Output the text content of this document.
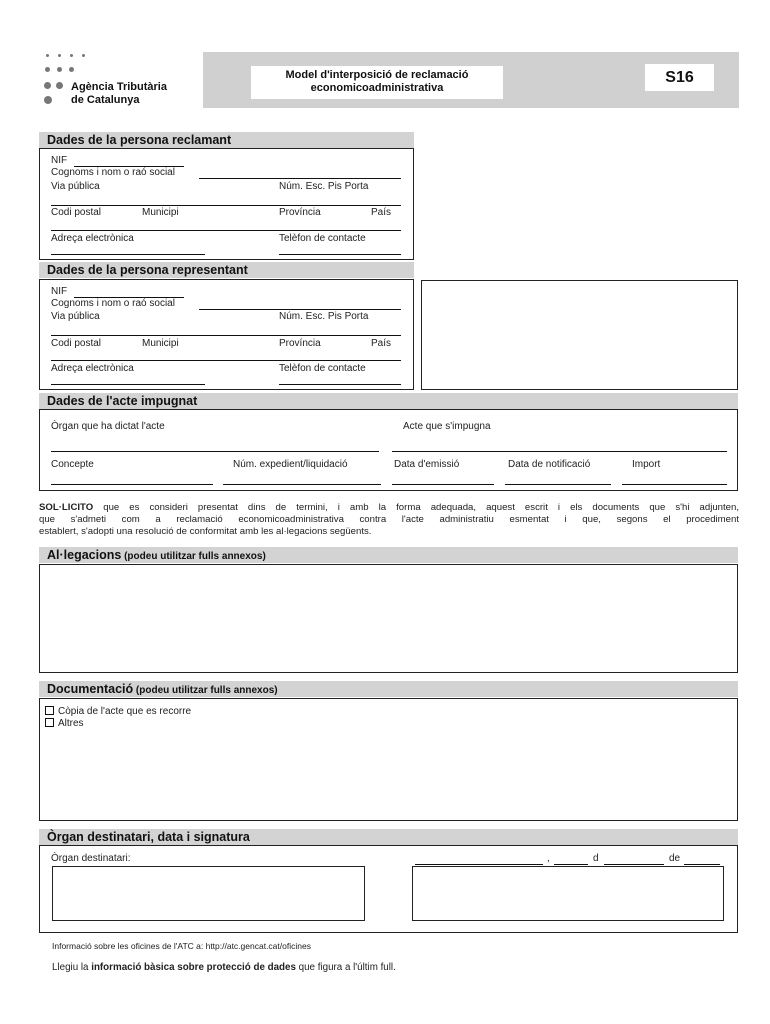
Agència Tributària
de Catalunya
Model d'interposició de reclamació
economicoadministrativa
S16
Dades de la persona reclamant
NIF
Cognoms i nom o raó social
Via pública	Núm. Esc. Pis Porta
Codi postal	Municipi	Província	País
Adreça electrònica	Telèfon de contacte
Dades de la persona representant
NIF
Cognoms i nom o raó social
Via pública	Núm. Esc. Pis Porta
Codi postal	Municipi	Província	País
Adreça electrònica	Telèfon de contacte
Dades de l'acte impugnat
Òrgan que ha dictat l'acte	Acte que s'impugna
Concepte	Núm. expedient/liquidació	Data d'emissió	Data de notificació	Import
SOL·LICITO que es consideri presentat dins de termini, i amb la forma adequada, aquest escrit i els documents que s'hi adjunten,
que s'admeti com a reclamació economicoadministrativa contra l'acte administratiu esmentat i que, segons el procediment
establert, s'adopti una resolució de conformitat amb les al·legacions següents.
Al·legacions (podeu utilitzar fulls annexos)
Documentació (podeu utilitzar fulls annexos)
Còpia de l'acte que es recorre
Altres
Òrgan destinatari, data i signatura
Òrgan destinatari:	,	d	de
Informació sobre les oficines de l'ATC a: http://atc.gencat.cat/oficines
Llegiu la informació bàsica sobre protecció de dades que figura a l'últim full.
